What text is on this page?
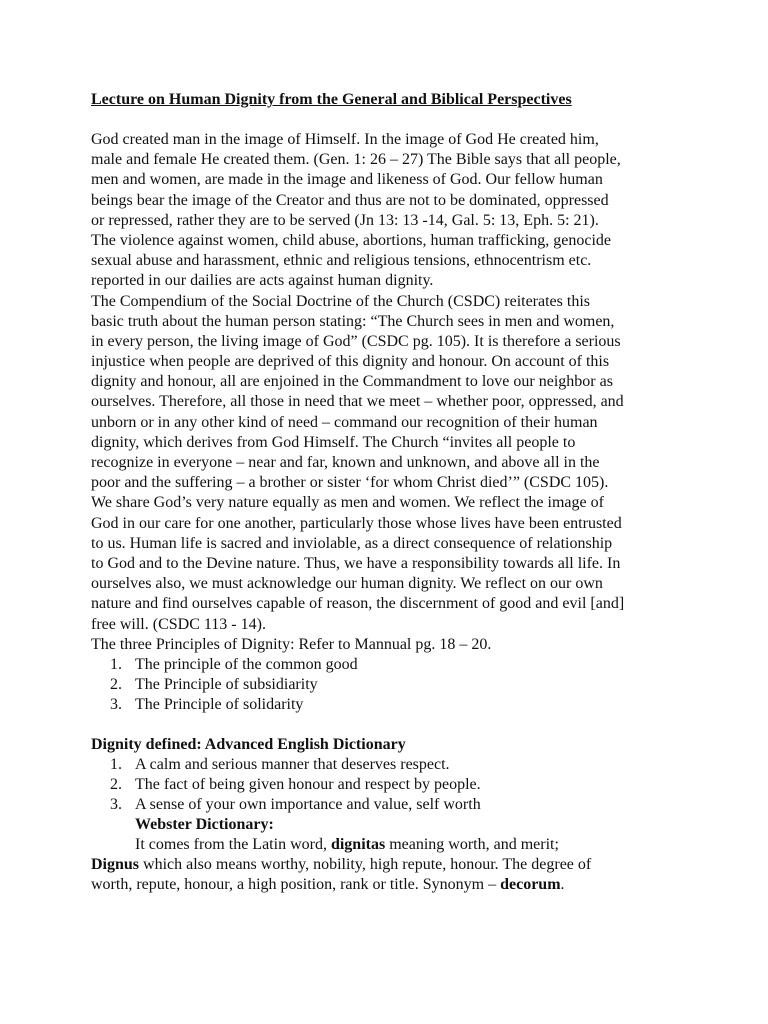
Lecture on Human Dignity from the General and Biblical Perspectives
God created man in the image of Himself. In the image of God He created him,
male and female He created them. (Gen. 1: 26 – 27) The Bible says that all people,
men and women, are made in the image and likeness of God. Our fellow human
beings bear the image of the Creator and thus are not to be dominated, oppressed
or repressed, rather they are to be served (Jn 13: 13 -14, Gal. 5: 13, Eph. 5: 21).
The violence against women, child abuse, abortions, human trafficking, genocide
sexual abuse and harassment, ethnic and religious tensions, ethnocentrism etc.
reported in our dailies are acts against human dignity.
The Compendium of the Social Doctrine of the Church (CSDC) reiterates this
basic truth about the human person stating: “The Church sees in men and women,
in every person, the living image of God” (CSDC pg. 105). It is therefore a serious
injustice when people are deprived of this dignity and honour. On account of this
dignity and honour, all are enjoined in the Commandment to love our neighbor as
ourselves. Therefore, all those in need that we meet – whether poor, oppressed, and
unborn or in any other kind of need – command our recognition of their human
dignity, which derives from God Himself. The Church “invites all people to
recognize in everyone – near and far, known and unknown, and above all in the
poor and the suffering – a brother or sister ‘for whom Christ died’” (CSDC 105).
We share God’s very nature equally as men and women. We reflect the image of
God in our care for one another, particularly those whose lives have been entrusted
to us. Human life is sacred and inviolable, as a direct consequence of relationship
to God and to the Devine nature. Thus, we have a responsibility towards all life. In
ourselves also, we must acknowledge our human dignity. We reflect on our own
nature and find ourselves capable of reason, the discernment of good and evil [and]
free will. (CSDC 113 - 14).
The three Principles of Dignity: Refer to Mannual pg. 18 – 20.
1. The principle of the common good
2. The Principle of subsidiarity
3. The Principle of solidarity
Dignity defined: Advanced English Dictionary
1. A calm and serious manner that deserves respect.
2. The fact of being given honour and respect by people.
3. A sense of your own importance and value, self worth
Webster Dictionary:
It comes from the Latin word, dignitas meaning worth, and merit;
Dignus which also means worthy, nobility, high repute, honour. The degree of
worth, repute, honour, a high position, rank or title. Synonym – decorum.
